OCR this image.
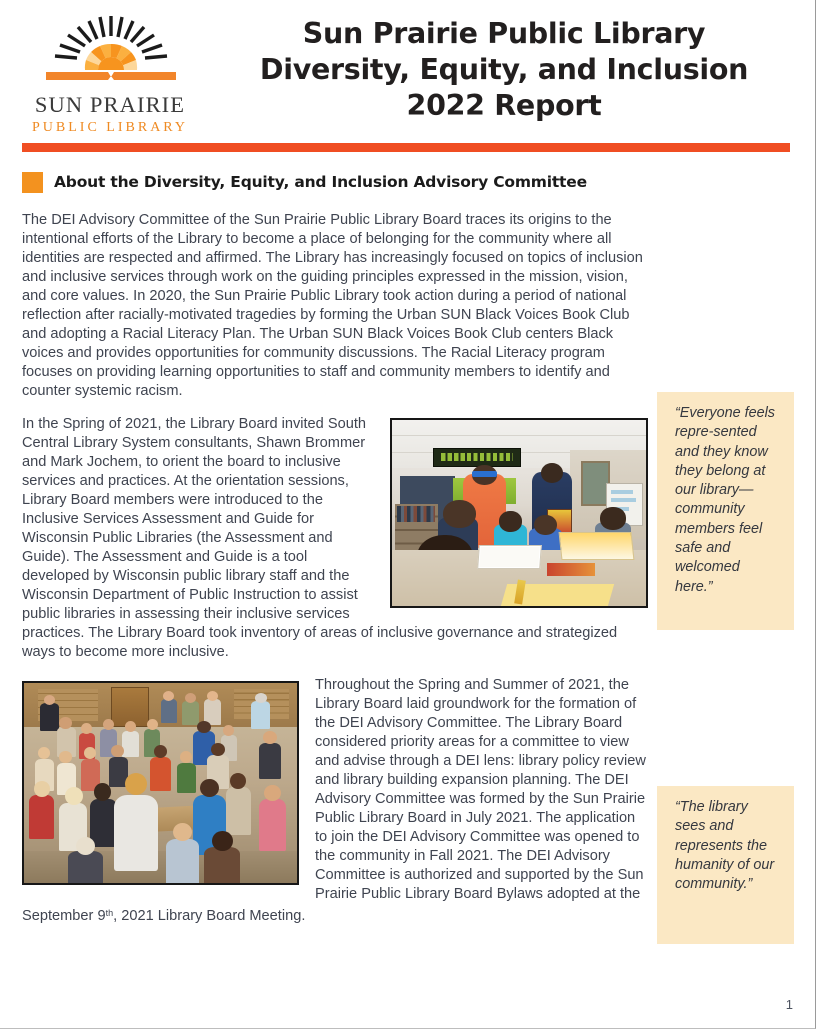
SUN PRAIRIE
PUBLIC LIBRARY
Sun Prairie Public Library
Diversity, Equity, and Inclusion
2022 Report
About the Diversity, Equity, and Inclusion Advisory Committee

The DEI Advisory Committee of the Sun Prairie Public Library Board traces its origins to the intentional efforts of the Library to become a place of belonging for the community where all identities are respected and affirmed. The Library has increasingly focused on topics of inclusion and inclusive services through work on the guiding principles expressed in the mission, vision, and core values. In 2020, the Sun Prairie Public Library took action during a period of national reflection after racially-motivated tragedies by forming the Urban SUN Black Voices Book Club and adopting a Racial Literacy Plan. The Urban SUN Black Voices Book Club centers Black voices and provides opportunities for community discussions. The Racial Literacy program focuses on providing learning opportunities to staff and community members to identify and counter systemic racism.

In the Spring of 2021, the Library Board invited South Central Library System consultants, Shawn Brommer and Mark Jochem, to orient the board to inclusive services and practices. At the orientation sessions, Library Board members were introduced to the Inclusive Services Assessment and Guide for Wisconsin Public Libraries (the Assessment and Guide). The Assessment and Guide is a tool developed by Wisconsin public library staff and the Wisconsin Department of Public Instruction to assist public libraries in assessing their inclusive services practices. The Library Board took inventory of areas of inclusive governance and strategized ways to become more inclusive.

Throughout the Spring and Summer of 2021, the Library Board laid groundwork for the formation of the DEI Advisory Committee. The Library Board considered priority areas for a committee to view and advise through a DEI lens: library policy review and library building expansion planning. The DEI Advisory Committee was formed by the Sun Prairie Public Library Board in July 2021. The application to join the DEI Advisory Committee was opened to the community in Fall 2021. The DEI Advisory Committee is authorized and supported by the Sun Prairie Public Library Board Bylaws adopted at the September 9th, 2021 Library Board Meeting.

“Everyone feels repre-sented and they know they belong at our library—community members feel safe and welcomed here.”
“The library sees and represents the humanity of our community.”
1
